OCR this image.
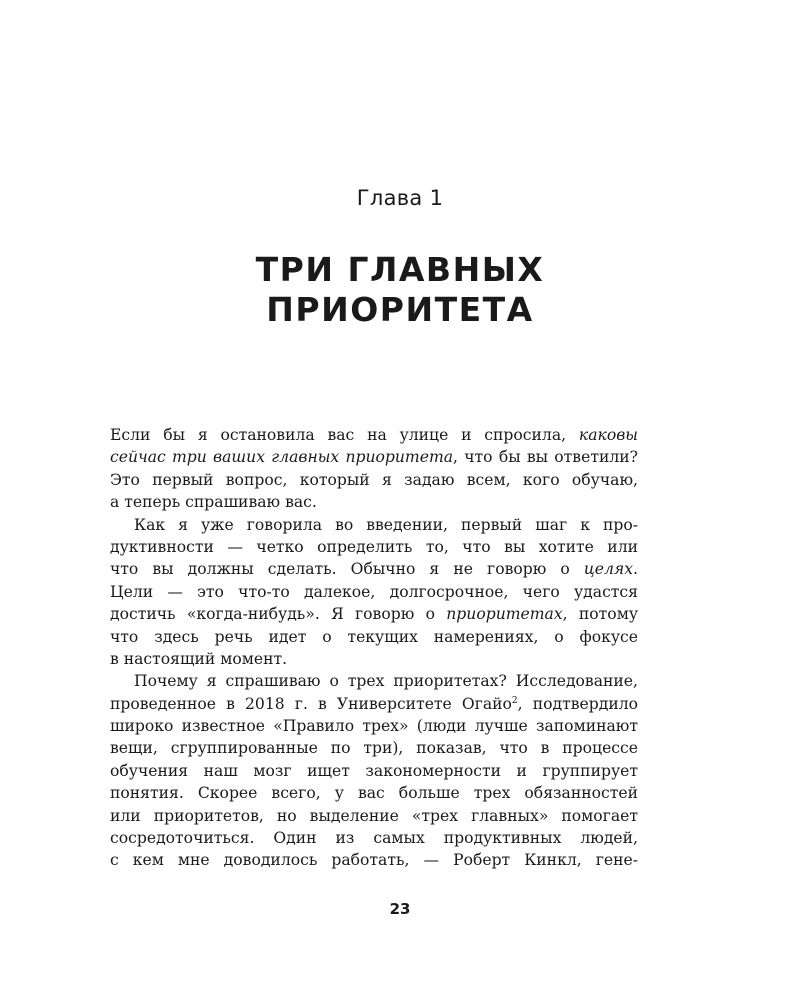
Глава 1
ТРИ ГЛАВНЫХ
ПРИОРИТЕТА
Если бы я остановила вас на улице и спросила, каковы
сейчас три ваших главных приоритета, что бы вы ответили?
Это первый вопрос, который я задаю всем, кого обучаю,
а теперь спрашиваю вас.
Как я уже говорила во введении, первый шаг к про-
дуктивности — четко определить то, что вы хотите или
что вы должны сделать. Обычно я не говорю о целях.
Цели — это что-то далекое, долгосрочное, чего удастся
достичь «когда-нибудь». Я говорю о приоритетах, потому
что здесь речь идет о текущих намерениях, о фокусе
в настоящий момент.
Почему я спрашиваю о трех приоритетах? Исследование,
проведенное в 2018 г. в Университете Огайо$^2$, подтвердило
широко известное «Правило трех» (люди лучше запоминают
вещи, сгруппированные по три), показав, что в процессе
обучения наш мозг ищет закономерности и группирует
понятия. Скорее всего, у вас больше трех обязанностей
или приоритетов, но выделение «трех главных» помогает
сосредоточиться. Один из самых продуктивных людей,
с кем мне доводилось работать, — Роберт Кинкл, гене-
23
